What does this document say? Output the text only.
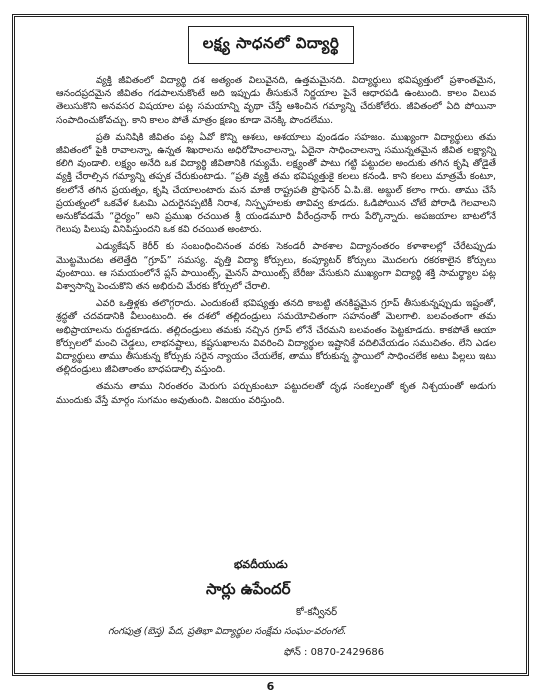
లక్ష్య సాధనలో విద్యార్థి

వ్యక్తి జీవితంలో విద్యార్థి దశ అత్యంత విలువైనది, ఉత్తమమైనది. విద్యార్థులు భవిష్యత్తులో ప్రశాంతమైన, ఆనందప్రదమైన జీవితం గడపాలనుకొంటే అది ఇప్పుడు తీసుకునే నిర్ణయాల పైనే ఆధారపడి ఉంటుంది. కాలం విలువ తెలుసుకొని అనవసర విషయాల పట్ల సమయాన్ని వృథా చేస్తే ఆశించిన గమ్యాన్ని చేరుకోలేరు. జీవితంలో ఏది పోయినా సంపాదించుకోవచ్చు. కాని కాలం పోతే మాత్రం క్షణం కూడా వెనక్కి పొందలేము.

ప్రతి మనిషికి జీవితం పట్ల ఏవో కొన్ని ఆశలు, ఆశయాలు వుండడం సహజం. ముఖ్యంగా విద్యార్థులు తమ జీవితంలో పైకి రావాలన్నా, ఉన్నత శిఖరాలను అధిరోహించాలన్నా, ఏదైనా సాధించాలన్నా సమున్నతమైన జీవిత లక్ష్యాన్ని కలిగి వుండాలి. లక్ష్యం అనేది ఒక విద్యార్థి జీవితానికి గమ్యమే. లక్ష్యంతో పాటు గట్టి పట్టుదల అందుకు తగిన కృషి తోడైతే వ్యక్తి చేరాల్సిన గమ్యాన్ని తప్పక చేరుకుంటాడు. “ప్రతి వ్యక్తి తమ భవిష్యత్తుకై కలలు కనండి. కాని కలలు మాత్రమే కంటూ, కలలోనే తగిన ప్రయత్నం, కృషి చేయాలంటారు మన మాజీ రాష్ట్రపతి ప్రొఫెసర్ ఏ.పి.జె. అబ్దుల్ కలాం గారు. తాము చేసే ప్రయత్నంలో ఒకవేళ ఓటమి ఎదురైనప్పటికీ నిరాశ, నిస్పృహలకు తావివ్వ కూడదు. ఓడిపోయిన చోటే పోరాడి గెలవాలని అనుకోవడమే “ధైర్యం” అని ప్రముఖ రచయిత శ్రీ యండమూరి వీరేంద్రనాథ్ గారు పేర్కొన్నారు. అపజయాల బాటలోనే గెలుపు పిలుపు వినిపిస్తుందని ఒక కవి రచయిత అంటారు.

ఎడ్యుకేషన్ కెరీర్ కు సంబంధించినంత వరకు సెకండరీ పాఠశాల విద్యానంతరం కళాశాలల్లో చేరేటప్పుడు మొట్టమొదట తలెత్తేది “గ్రూప్” సమస్య. వృత్తి విద్యా కోర్సులు, కంప్యూటర్ కోర్సులు మొదలగు రకరకాలైన కోర్సులు వుంటాయి. ఆ సమయంలోనే ప్లస్ పాయింట్స్, మైనస్ పాయింట్స్ బేరీజు వేసుకుని ముఖ్యంగా విద్యార్థి శక్తి సామర్థ్యాల పట్ల విశ్వాసాన్ని పెంచుకొని తన అభిరుచి మేరకు కోర్సులో చేరాలి.

ఎవరి ఒత్తిళ్లకు తలొగ్గరాదు. ఎందుకంటే భవిష్యత్తు తనది కాబట్టి తనకిష్టమైన గ్రూప్ తీసుకున్నప్పుడు ఇష్టంతో, శ్రద్ధతో చదవడానికి వీలుంటుంది. ఈ దశలో తల్లిదండ్రులు సమయోచితంగా సహనంతో మెలగాలి. బలవంతంగా తమ అభిప్రాయాలను రుద్దకూడదు. తల్లిదండ్రులు తమకు నచ్చిన గ్రూప్ లోనే చేరమని బలవంతం పెట్టకూడదు. కాకపోతే ఆయా కోర్సులలో మంచి చెడ్డలు, లాభనష్టాలు, కష్టసుఖాలను వివరించి విద్యార్థుల ఇష్టానికే వదిలివేయడం సముచితం. లేని ఎడల విద్యార్థులు తాము తీసుకున్న కోర్సుకు సరైన న్యాయం చేయలేక, తాము కోరుకున్న స్థాయిలో సాధించలేక అటు పిల్లలు ఇటు తల్లిదండ్రులు జీవితాంతం బాధపడాల్సి వస్తుంది.

తమను తాము నిరంతరం మెరుగు పర్చుకుంటూ పట్టుదలతో దృఢ సంకల్పంతో కృత నిశ్చయంతో అడుగు ముందుకు వేస్తే మార్గం సుగమం అవుతుంది. విజయం వరిస్తుంది.

భవదీయుడు
సార్లు ఉపేందర్
కో-కన్వీనర్
గంగపుత్ర (బెస్త) పేద, ప్రతిభా విద్యార్థుల సంక్షేమ సంఘం-వరంగల్.
ఫోన్ : 0870-2429686
6
